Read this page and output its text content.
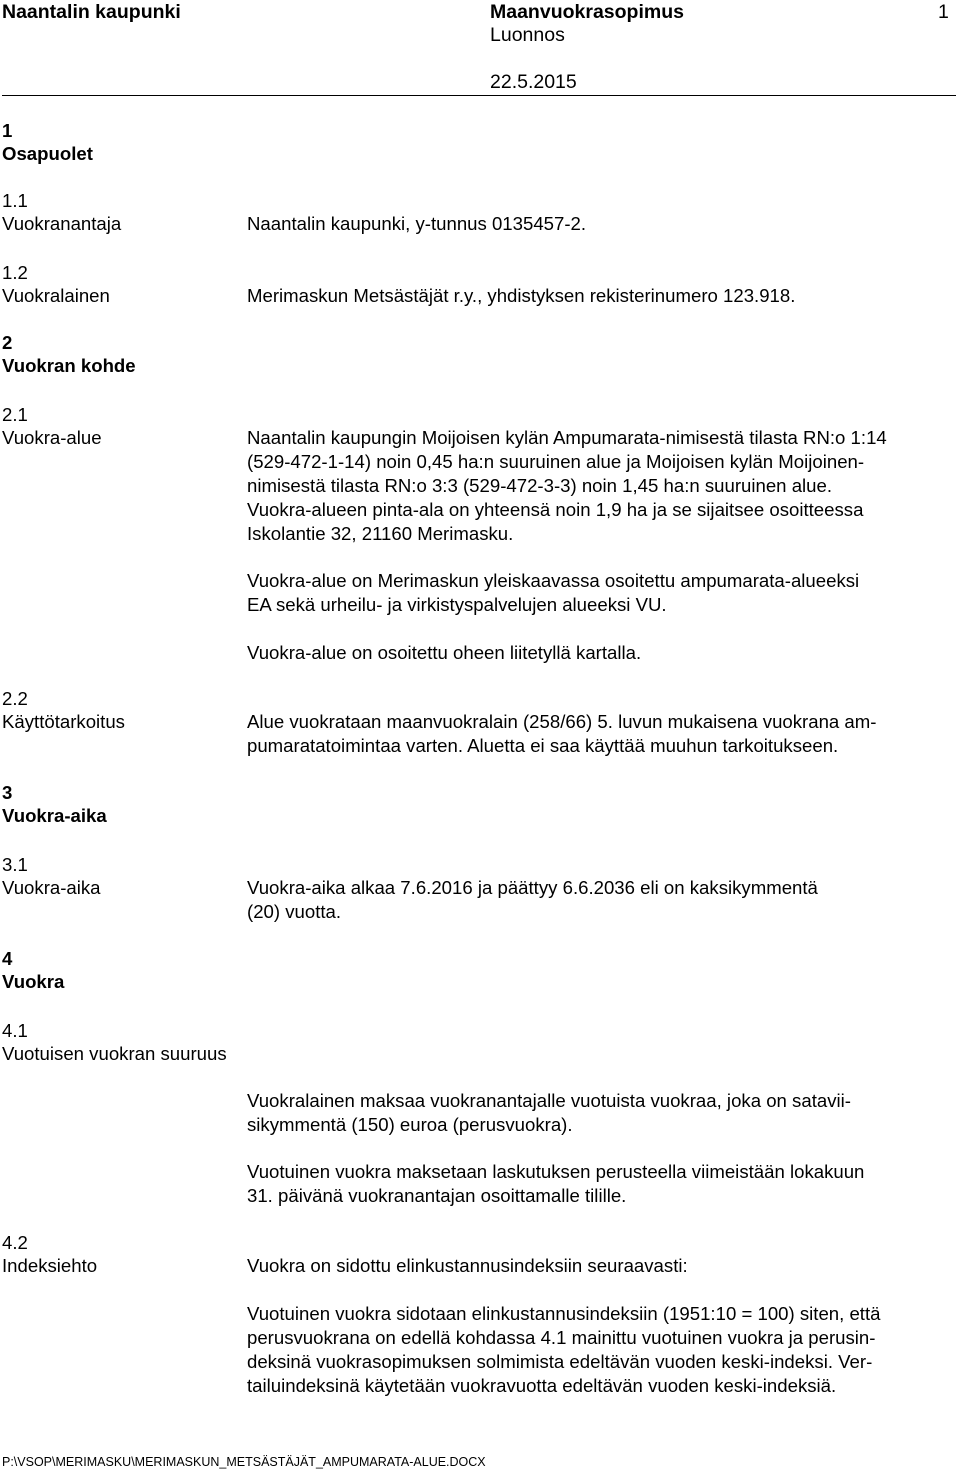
Naantalin kaupunki	Maanvuokrasopimus
Luonnos
1
22.5.2015
1
Osapuolet
1.1
Vuokranantaja	Naantalin kaupunki, y-tunnus 0135457-2.
1.2
Vuokralainen	Merimaskun Metsästäjät r.y., yhdistyksen rekisterinumero 123.918.
2
Vuokran kohde
2.1
Vuokra-alue	Naantalin kaupungin Moijoisen kylän Ampumarata-nimisestä tilasta RN:o 1:14
(529-472-1-14) noin 0,45 ha:n suuruinen alue ja Moijoisen kylän Moijoinen-
nimisestä tilasta RN:o 3:3 (529-472-3-3) noin 1,45 ha:n suuruinen alue.
Vuokra-alueen pinta-ala on yhteensä noin 1,9 ha ja se sijaitsee osoitteessa
Iskolantie 32, 21160 Merimasku.
Vuokra-alue on Merimaskun yleiskaavassa osoitettu ampumarata-alueeksi
EA sekä urheilu- ja virkistyspalvelujen alueeksi VU.
Vuokra-alue on osoitettu oheen liitetyllä kartalla.
2.2
Käyttötarkoitus	Alue vuokrataan maanvuokralain (258/66) 5. luvun mukaisena vuokrana am-
pumaratatoimintaa varten. Aluetta ei saa käyttää muuhun tarkoitukseen.
3
Vuokra-aika
3.1
Vuokra-aika	Vuokra-aika alkaa 7.6.2016 ja päättyy 6.6.2036 eli on kaksikymmentä
(20) vuotta.
4
Vuokra
4.1
Vuotuisen vuokran suuruus
Vuokralainen maksaa vuokranantajalle vuotuista vuokraa, joka on satavii-
sikymmentä (150) euroa (perusvuokra).
Vuotuinen vuokra maksetaan laskutuksen perusteella viimeistään lokakuun
31. päivänä vuokranantajan osoittamalle tilille.
4.2
Indeksiehto	Vuokra on sidottu elinkustannusindeksiin seuraavasti:
Vuotuinen vuokra sidotaan elinkustannusindeksiin (1951:10 = 100) siten, että
perusvuokrana on edellä kohdassa 4.1 mainittu vuotuinen vuokra ja perusin-
deksinä vuokrasopimuksen solmimista edeltävän vuoden keski-indeksi. Ver-
tailuindeksinä käytetään vuokravuotta edeltävän vuoden keski-indeksiä.
P:\VSOP\MERIMASKU\MERIMASKUN_METSÄSTÄJÄT_AMPUMARATA-ALUE.DOCX
